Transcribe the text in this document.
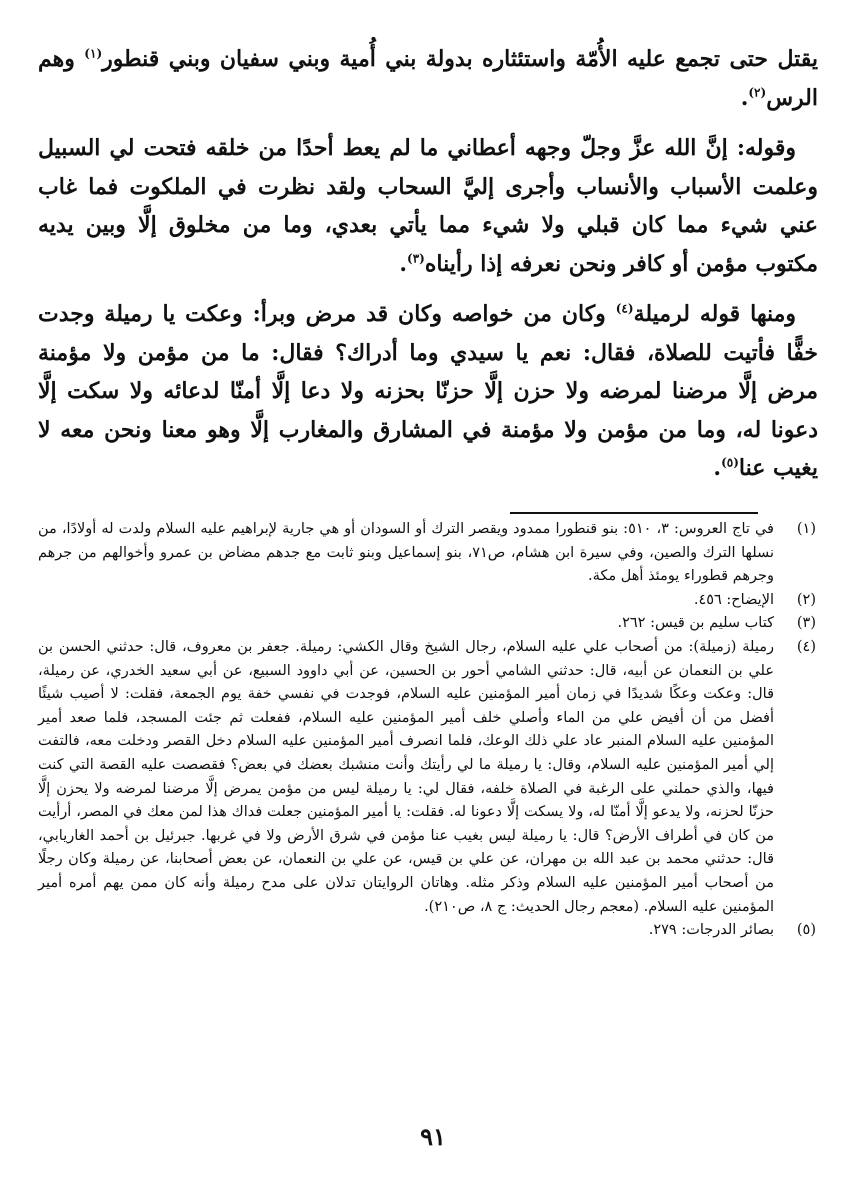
يقتل حتى تجمع عليه الأُمّة واستئثاره بدولة بني أُمية وبني سفيان وبني قنطور$^{(١)}$ وهم الرس$^{(٢)}$.

وقوله: إنَّ الله عزَّ وجلّ وجهه أعطاني ما لم يعط أحدًا من خلقه فتحت لي السبيل وعلمت الأسباب والأنساب وأجرى إليَّ السحاب ولقد نظرت في الملكوت فما غاب عني شيء مما كان قبلي ولا شيء مما يأتي بعدي، وما من مخلوق إلَّا وبين يديه مكتوب مؤمن أو كافر ونحن نعرفه إذا رأيناه$^{(٣)}$.

ومنها قوله لرميلة$^{(٤)}$ وكان من خواصه وكان قد مرض وبرأ: وعكت يا رميلة وجدت خفًّا فأتيت للصلاة، فقال: نعم يا سيدي وما أدراك؟ فقال: ما من مؤمن ولا مؤمنة مرض إلَّا مرضنا لمرضه ولا حزن إلَّا حزنّا بحزنه ولا دعا إلَّا أمنّا لدعائه ولا سكت إلَّا دعونا له، وما من مؤمن ولا مؤمنة في المشارق والمغارب إلَّا وهو معنا ونحن معه لا يغيب عنا$^{(٥)}$.

(١)
في تاج العروس: ٣، ٥١٠: بنو قنطورا ممدود ويقصر الترك أو السودان أو هي جارية لإبراهيم عليه السلام ولدت له أولادًا، من نسلها الترك والصين، وفي سيرة ابن هشام، ص٧١، بنو إسماعيل وبنو ثابت مع جدهم مضاض بن عمرو وأخوالهم من جرهم وجرهم قطوراء يومئذ أهل مكة.
(٢)
الإيضاح: ٤٥٦.
(٣)
كتاب سليم بن قيس: ٢٦٢.
(٤)
رميلة (زميلة): من أصحاب علي عليه السلام، رجال الشيخ وقال الكشي: رميلة. جعفر بن معروف، قال: حدثني الحسن بن علي بن النعمان عن أبيه، قال: حدثني الشامي أحور بن الحسين، عن أبي داوود السبيع، عن أبي سعيد الخدري، عن رميلة، قال: وعكت وعكًا شديدًا في زمان أمير المؤمنين عليه السلام، فوجدت في نفسي خفة يوم الجمعة، فقلت: لا أصيب شيئًا أفضل من أن أفيض علي من الماء وأصلي خلف أمير المؤمنين عليه السلام، ففعلت ثم جئت المسجد، فلما صعد أمير المؤمنين عليه السلام المنبر عاد علي ذلك الوعك، فلما انصرف أمير المؤمنين عليه السلام دخل القصر ودخلت معه، فالتفت إلي أمير المؤمنين عليه السلام، وقال: يا رميلة ما لي رأيتك وأنت منشبك بعضك في بعض؟ فقصصت عليه القصة التي كنت فيها، والذي حملني على الرغبة في الصلاة خلفه، فقال لي: يا رميلة ليس من مؤمن يمرض إلَّا مرضنا لمرضه ولا يحزن إلَّا حزنّا لحزنه، ولا يدعو إلَّا أمنّا له، ولا يسكت إلَّا دعونا له. فقلت: يا أمير المؤمنين جعلت فداك هذا لمن معك في المصر، أرأيت من كان في أطراف الأرض؟ قال: يا رميلة ليس بغيب عنا مؤمن في شرق الأرض ولا في غربها. جبرئيل بن أحمد الغاريابي، قال: حدثني محمد بن عبد الله بن مهران، عن علي بن قيس، عن علي بن النعمان، عن بعض أصحابنا، عن رميلة وكان رجلًا من أصحاب أمير المؤمنين عليه السلام وذكر مثله. وهاتان الروايتان تدلان على مدح رميلة وأنه كان ممن يهم أمره أمير المؤمنين عليه السلام. (معجم رجال الحديث: ج ٨، ص٢١٠).
(٥)
بصائر الدرجات: ٢٧٩.
٩١
